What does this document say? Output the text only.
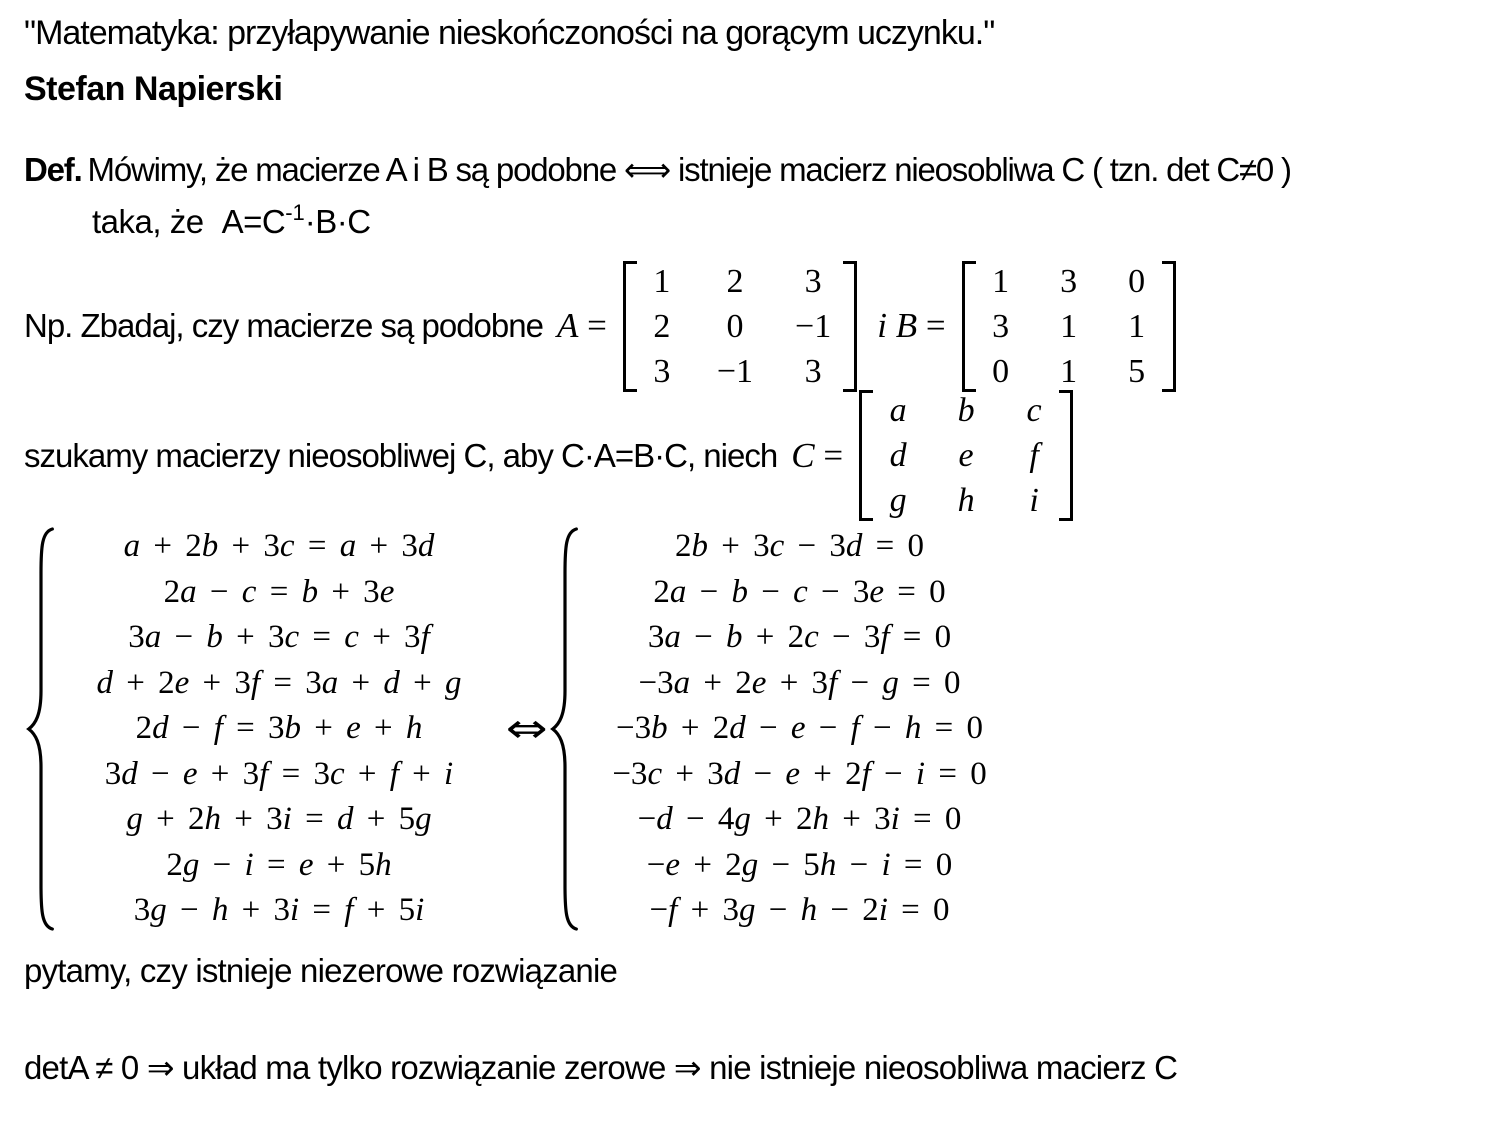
"Matematyka: przyłapywanie nieskończoności na gorącym uczynku."
Stefan Napierski
Def. Mówimy, że macierze A i B są podobne ⟺ istnieje macierz nieosobliwa C ( tzn. det C≠0 )
taka, że $A=C^{-1}\cdot B\cdot C$
Np. Zbadaj, czy macierze są podobne A =
1 2 3
2 0 −1
3 −1 3
i B =
1 3 0
3 1 1
0 1 5
szukamy macierzy nieosobliwej C, aby C·A=B·C, niech C =
a b c
d e f
g h i
a + 2b + 3c = a + 3d
2a − c = b + 3e
3a − b + 3c = c + 3f
d + 2e + 3f = 3a + d + g
2d − f = 3b + e + h
3d − e + 3f = 3c + f + i
g + 2h + 3i = d + 5g
2g − i = e + 5h
3g − h + 3i = f + 5i
⇔
2b + 3c − 3d = 0
2a − b − c − 3e = 0
3a − b + 2c − 3f = 0
−3a + 2e + 3f − g = 0
−3b + 2d − e − f − h = 0
−3c + 3d − e + 2f − i = 0
−d − 4g + 2h + 3i = 0
−e + 2g − 5h − i = 0
−f + 3g − h − 2i = 0
pytamy, czy istnieje niezerowe rozwiązanie
detA ≠ 0 ⇒ układ ma tylko rozwiązanie zerowe ⇒ nie istnieje nieosobliwa macierz C
